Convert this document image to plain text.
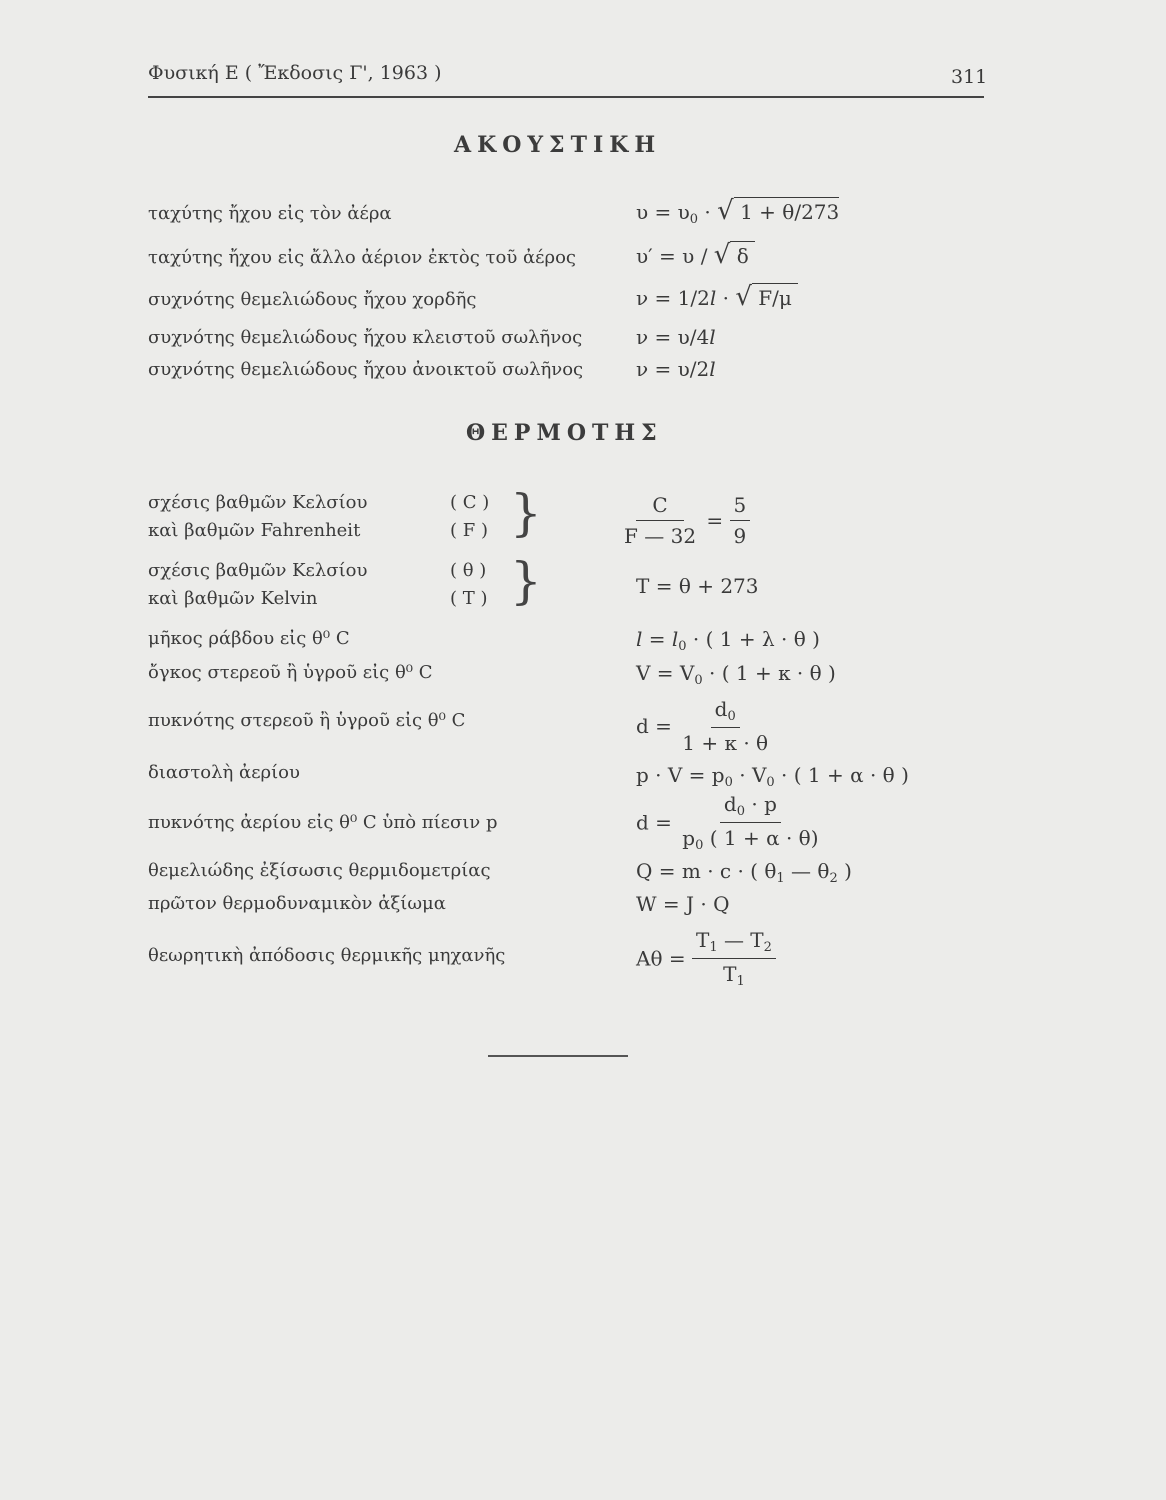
Φυσική Ε ( Ἔκδοσις Γ', 1963 )	311
ΑΚΟΥΣΤΙΚΗ
ταχύτης ἤχου εἰς τὸν ἀέρα	$\upsilon = \upsilon_0$ · √ 1 + θ/273
ταχύτης ἤχου εἰς ἄλλο ἀέριον ἐκτὸς τοῦ ἀέρος	υ′ = υ / √ δ
συχνότης θεμελιώδους ἤχου χορδῆς	ν = 1/2l · √ F/μ
συχνότης θεμελιώδους ἤχου κλειστοῦ σωλῆνος	ν = υ/4l
συχνότης θεμελιώδους ἤχου ἀνοικτοῦ σωλῆνος	ν = υ/2l
ΘΕΡΜΟΤΗΣ
σχέσις βαθμῶν Κελσίου	( C )
καὶ βαθμῶν Fahrenheit	( F ) }	$\frac{C}{F — 32} = \frac{5}{9}$
σχέσις βαθμῶν Κελσίου	( θ )
καὶ βαθμῶν Kelvin	( T ) }	T = θ + 273
μῆκος ράβδου εἰς θ⁰ C	$l = l_0$ · ( 1 + λ · θ )
ὄγκος στερεοῦ ἢ ὑγροῦ εἰς θ⁰ C	$V = V_0$ · ( 1 + κ · θ )
πυκνότης στερεοῦ ἢ ὑγροῦ εἰς θ⁰ C	$d = \frac{d_0}{1 + \kappa \cdot \theta}$
διαστολὴ ἀερίου	$p \cdot V = p_0 \cdot V_0$ · ( 1 + α · θ )
πυκνότης ἀερίου εἰς θ⁰ C ὑπὸ πίεσιν p	$d = \frac{d_0 \cdot p}{p_0 ( 1 + \alpha \cdot \theta)}$
θεμελιώδης ἐξίσωσις θερμιδομετρίας	Q = m · c · ( $\theta_1$ — $\theta_2$ )
πρῶτον θερμοδυναμικὸν ἀξίωμα	W = J · Q
θεωρητικὴ ἀπόδοσις θερμικῆς μηχανῆς	$A\theta = \frac{T_1 — T_2}{T_1}$
